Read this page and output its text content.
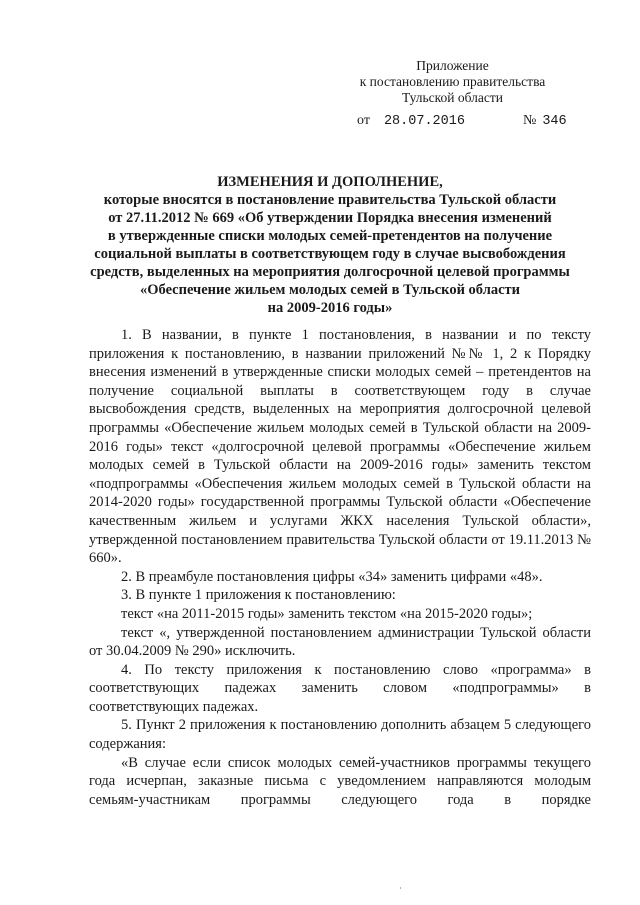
Приложение
к постановлению правительства
Тульской области
от 28.07.2016	№ 346
ИЗМЕНЕНИЯ И ДОПОЛНЕНИЕ,
которые вносятся в постановление правительства Тульской области
от 27.11.2012 № 669 «Об утверждении Порядка внесения изменений
в утвержденные списки молодых семей-претендентов на получение
социальной выплаты в соответствующем году в случае высвобождения
средств, выделенных на мероприятия долгосрочной целевой программы
«Обеспечение жильем молодых семей в Тульской области
на 2009-2016 годы»

1. В названии, в пункте 1 постановления, в названии и по тексту приложения к постановлению, в названии приложений №№ 1, 2 к Порядку внесения изменений в утвержденные списки молодых семей – претендентов на получение социальной выплаты в соответствующем году в случае высвобождения средств, выделенных на мероприятия долгосрочной целевой программы «Обеспечение жильем молодых семей в Тульской области на 2009-2016 годы» текст «долгосрочной целевой программы «Обеспечение жильем молодых семей в Тульской области на 2009-2016 годы» заменить текстом «подпрограммы «Обеспечения жильем молодых семей в Тульской области на 2014-2020 годы» государственной программы Тульской области «Обеспечение качественным жильем и услугами ЖКХ населения Тульской области», утвержденной постановлением правительства Тульской области от 19.11.2013 № 660».

2. В преамбуле постановления цифры «34» заменить цифрами «48».

3. В пункте 1 приложения к постановлению:

текст «на 2011-2015 годы» заменить текстом «на 2015-2020 годы»;

текст «, утвержденной постановлением администрации Тульской области от 30.04.2009 № 290» исключить.

4. По тексту приложения к постановлению слово «программа» в соответствующих падежах заменить словом «подпрограммы» в соответствующих падежах.

5. Пункт 2 приложения к постановлению дополнить абзацем 5 следующего содержания:

«В случае если список молодых семей-участников программы текущего года исчерпан, заказные письма с уведомлением направляются молодым семьям-участникам программы следующего года в порядке

·
